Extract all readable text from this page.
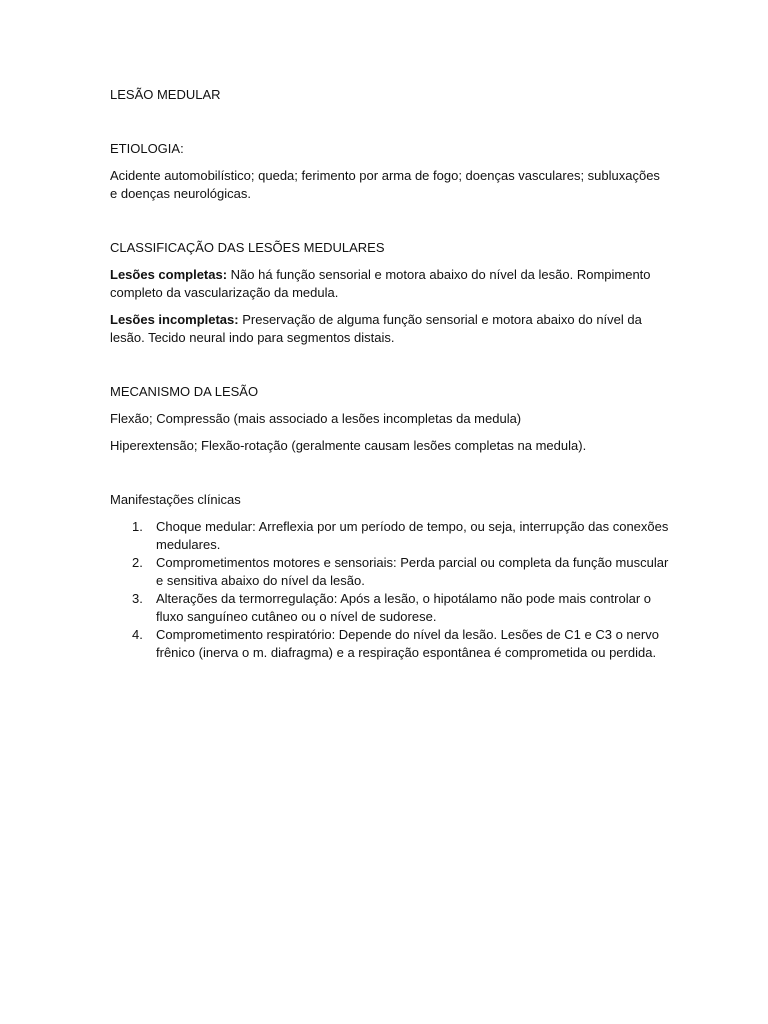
LESÃO MEDULAR

ETIOLOGIA:

Acidente automobilístico; queda; ferimento por arma de fogo; doenças vasculares; subluxações e doenças neurológicas.

CLASSIFICAÇÃO DAS LESÕES MEDULARES

Lesões completas: Não há função sensorial e motora abaixo do nível da lesão. Rompimento completo da vascularização da medula.

Lesões incompletas: Preservação de alguma função sensorial e motora abaixo do nível da lesão. Tecido neural indo para segmentos distais.

MECANISMO DA LESÃO

Flexão; Compressão (mais associado a lesões incompletas da medula)

Hiperextensão; Flexão-rotação (geralmente causam lesões completas na medula).

Manifestações clínicas

1. Choque medular: Arreflexia por um período de tempo, ou seja, interrupção das conexões medulares.
2. Comprometimentos motores e sensoriais: Perda parcial ou completa da função muscular e sensitiva abaixo do nível da lesão.
3. Alterações da termorregulação: Após a lesão, o hipotálamo não pode mais controlar o fluxo sanguíneo cutâneo ou o nível de sudorese.
4. Comprometimento respiratório: Depende do nível da lesão. Lesões de C1 e C3 o nervo frênico (inerva o m. diafragma) e a respiração espontânea é comprometida ou perdida.
